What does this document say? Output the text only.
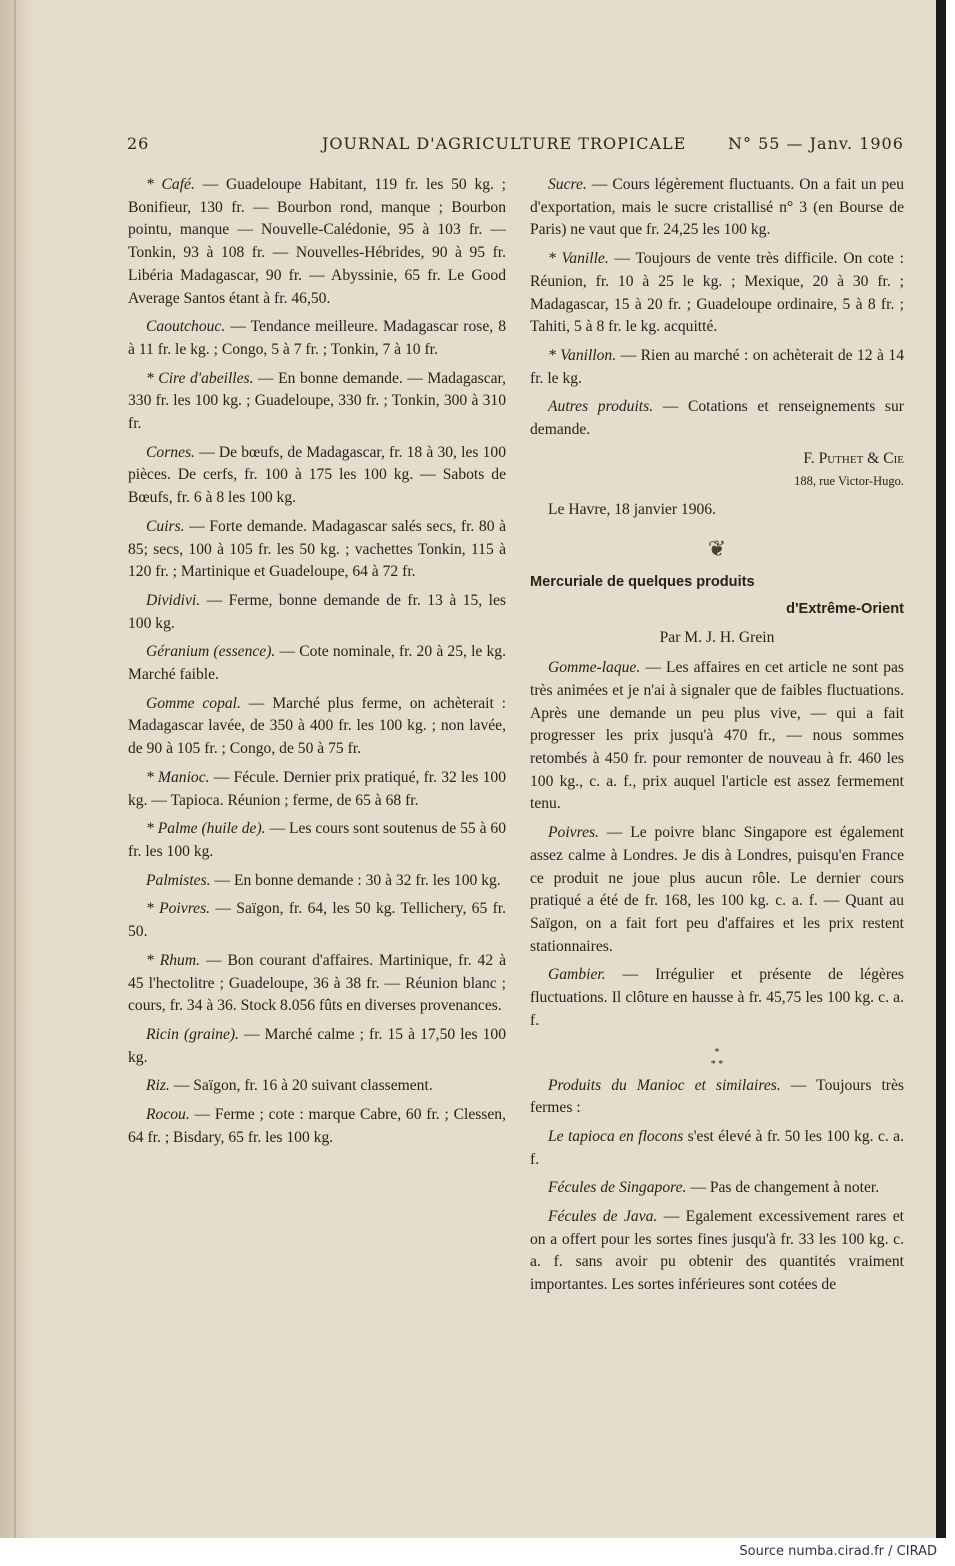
26	JOURNAL D'AGRICULTURE TROPICALE	N° 55 — Janv. 1906

* Café. — Guadeloupe Habitant, 119 fr. les 50 kg. ; Bonifieur, 130 fr. — Bourbon rond, manque ; Bourbon pointu, manque — Nouvelle-Calédonie, 95 à 103 fr. — Tonkin, 93 à 108 fr. — Nouvelles-Hébrides, 90 à 95 fr. Libéria Madagascar, 90 fr. — Abyssinie, 65 fr. Le Good Average Santos étant à fr. 46,50.

Caoutchouc. — Tendance meilleure. Madagascar rose, 8 à 11 fr. le kg. ; Congo, 5 à 7 fr. ; Tonkin, 7 à 10 fr.

* Cire d'abeilles. — En bonne demande. — Madagascar, 330 fr. les 100 kg. ; Guadeloupe, 330 fr. ; Tonkin, 300 à 310 fr.

Cornes. — De bœufs, de Madagascar, fr. 18 à 30, les 100 pièces. De cerfs, fr. 100 à 175 les 100 kg. — Sabots de Bœufs, fr. 6 à 8 les 100 kg.

Cuirs. — Forte demande. Madagascar salés secs, fr. 80 à 85; secs, 100 à 105 fr. les 50 kg. ; vachettes Tonkin, 115 à 120 fr. ; Martinique et Guadeloupe, 64 à 72 fr.

Dividivi. — Ferme, bonne demande de fr. 13 à 15, les 100 kg.

Géranium (essence). — Cote nominale, fr. 20 à 25, le kg. Marché faible.

Gomme copal. — Marché plus ferme, on achèterait : Madagascar lavée, de 350 à 400 fr. les 100 kg. ; non lavée, de 90 à 105 fr. ; Congo, de 50 à 75 fr.

* Manioc. — Fécule. Dernier prix pratiqué, fr. 32 les 100 kg. — Tapioca. Réunion ; ferme, de 65 à 68 fr.

* Palme (huile de). — Les cours sont soutenus de 55 à 60 fr. les 100 kg.

Palmistes. — En bonne demande : 30 à 32 fr. les 100 kg.

* Poivres. — Saïgon, fr. 64, les 50 kg. Tellichery, 65 fr. 50.

* Rhum. — Bon courant d'affaires. Martinique, fr. 42 à 45 l'hectolitre ; Guadeloupe, 36 à 38 fr. — Réunion blanc ; cours, fr. 34 à 36. Stock 8.056 fûts en diverses provenances.

Ricin (graine). — Marché calme ; fr. 15 à 17,50 les 100 kg.

Riz. — Saïgon, fr. 16 à 20 suivant classement.

Rocou. — Ferme ; cote : marque Cabre, 60 fr. ; Clessen, 64 fr. ; Bisdary, 65 fr. les 100 kg.

Sucre. — Cours légèrement fluctuants. On a fait un peu d'exportation, mais le sucre cristallisé n° 3 (en Bourse de Paris) ne vaut que fr. 24,25 les 100 kg.

* Vanille. — Toujours de vente très difficile. On cote : Réunion, fr. 10 à 25 le kg. ; Mexique, 20 à 30 fr. ; Madagascar, 15 à 20 fr. ; Guadeloupe ordinaire, 5 à 8 fr. ; Tahiti, 5 à 8 fr. le kg. acquitté.

* Vanillon. — Rien au marché : on achèterait de 12 à 14 fr. le kg.

Autres produits. — Cotations et renseignements sur demande.

F. Puthet & Cie
188, rue Victor-Hugo.
Le Havre, 18 janvier 1906.
❦
Mercuriale de quelques produits
d'Extrême-Orient
Par M. J. H. Grein

Gomme-laque. — Les affaires en cet article ne sont pas très animées et je n'ai à signaler que de faibles fluctuations. Après une demande un peu plus vive, — qui a fait progresser les prix jusqu'à 470 fr., — nous sommes retombés à 450 fr. pour remonter de nouveau à fr. 460 les 100 kg., c. a. f., prix auquel l'article est assez fermement tenu.

Poivres. — Le poivre blanc Singapore est également assez calme à Londres. Je dis à Londres, puisqu'en France ce produit ne joue plus aucun rôle. Le dernier cours pratiqué a été de fr. 168, les 100 kg. c. a. f. — Quant au Saïgon, on a fait fort peu d'affaires et les prix restent stationnaires.

Gambier. — Irrégulier et présente de légères fluctuations. Il clôture en hausse à fr. 45,75 les 100 kg. c. a. f.

*
* *

Produits du Manioc et similaires. — Toujours très fermes :

Le tapioca en flocons s'est élevé à fr. 50 les 100 kg. c. a. f.

Fécules de Singapore. — Pas de changement à noter.

Fécules de Java. — Egalement excessivement rares et on a offert pour les sortes fines jusqu'à fr. 33 les 100 kg. c. a. f. sans avoir pu obtenir des quantités vraiment importantes. Les sortes inférieures sont cotées de

Source numba.cirad.fr / CIRAD
